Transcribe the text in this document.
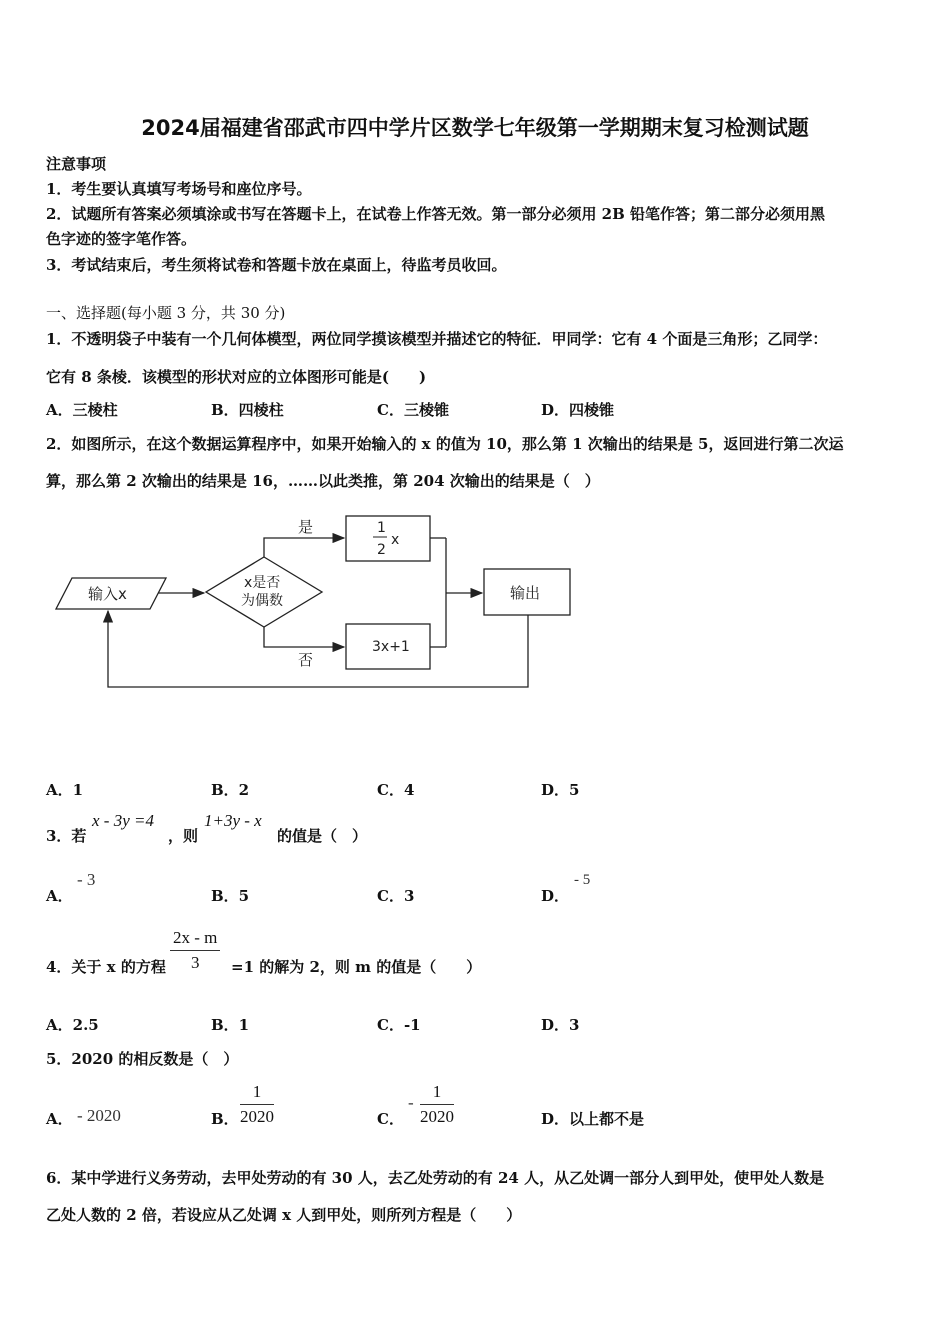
2024届福建省邵武市四中学片区数学七年级第一学期期末复习检测试题
注意事项
1．考生要认真填写考场号和座位序号。
2．试题所有答案必须填涂或书写在答题卡上，在试卷上作答无效。第一部分必须用 2B 铅笔作答；第二部分必须用黑
色字迹的签字笔作答。
3．考试结束后，考生须将试卷和答题卡放在桌面上，待监考员收回。
一、选择题(每小题 3 分，共 30 分)
1．不透明袋子中装有一个几何体模型，两位同学摸该模型并描述它的特征．甲同学：它有 4 个面是三角形；乙同学：
它有 8 条棱．该模型的形状对应的立体图形可能是(　　)
A．三棱柱	B．四棱柱	C．三棱锥	D．四棱锥
2．如图所示，在这个数据运算程序中，如果开始输入的 x 的值为 10，那么第 1 次输出的结果是 5，返回进行第二次运
算，那么第 2 次输出的结果是 16，……以此类推，第 204 次输出的结果是（　）
输入x
x是否
为偶数
是
否
1
2
x
3x+1
输出
A．1	B．2	C．4	D．5
3．若
x - 3y =4
，则
1+3y - x
的值是（　）
A．
- 3
B．5	C．3	D．
- 5
4．关于 x 的方程 $\frac{2x - m}{3} =1$ 的解为 2，则 m 的值是（　　）
A．2.5	B．1	C．-1	D．3
5．2020 的相反数是（　）
A． - 2020	B． $\frac{1}{2020}$	C．
- $\frac{1}{2020}$	D．以上都不是
6．某中学进行义务劳动，去甲处劳动的有 30 人，去乙处劳动的有 24 人，从乙处调一部分人到甲处，使甲处人数是
乙处人数的 2 倍，若设应从乙处调 x 人到甲处，则所列方程是（　　）
